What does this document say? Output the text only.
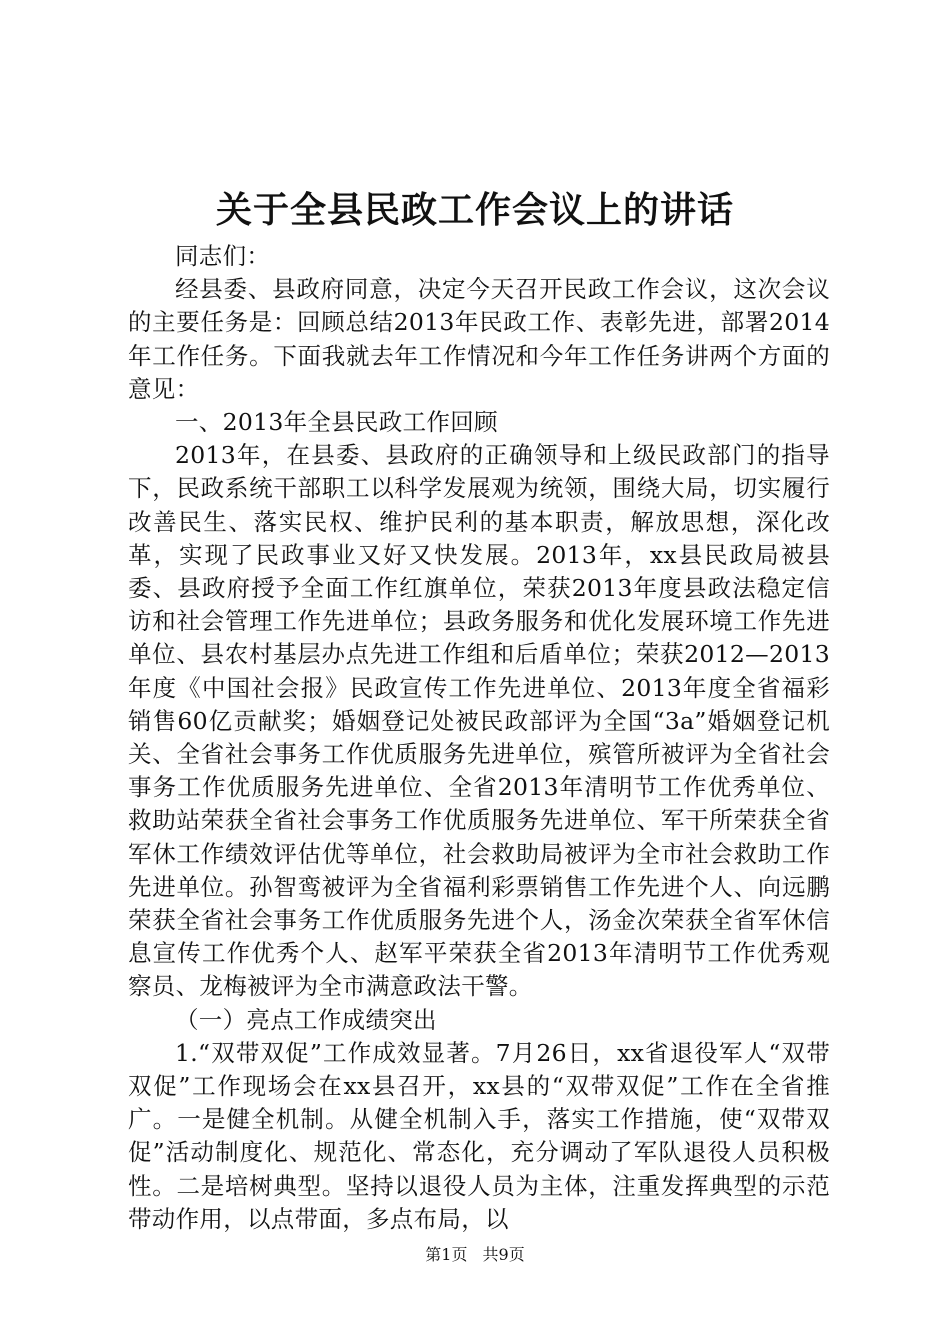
关于全县民政工作会议上的讲话

同志们：

经县委、县政府同意，决定今天召开民政工作会议，这次会议的主要任务是：回顾总结2013年民政工作、表彰先进，部署2014年工作任务。下面我就去年工作情况和今年工作任务讲两个方面的意见：

一、2013年全县民政工作回顾

2013年，在县委、县政府的正确领导和上级民政部门的指导下，民政系统干部职工以科学发展观为统领，围绕大局，切实履行改善民生、落实民权、维护民利的基本职责，解放思想，深化改革，实现了民政事业又好又快发展。2013年，xx县民政局被县委、县政府授予全面工作红旗单位，荣获2013年度县政法稳定信访和社会管理工作先进单位；县政务服务和优化发展环境工作先进单位、县农村基层办点先进工作组和后盾单位；荣获2012—2013年度《中国社会报》民政宣传工作先进单位、2013年度全省福彩销售60亿贡献奖；婚姻登记处被民政部评为全国“3a”婚姻登记机关、全省社会事务工作优质服务先进单位，殡管所被评为全省社会事务工作优质服务先进单位、全省2013年清明节工作优秀单位、救助站荣获全省社会事务工作优质服务先进单位、军干所荣获全省军休工作绩效评估优等单位，社会救助局被评为全市社会救助工作先进单位。孙智鸾被评为全省福利彩票销售工作先进个人、向远鹏荣获全省社会事务工作优质服务先进个人，汤金次荣获全省军休信息宣传工作优秀个人、赵军平荣获全省2013年清明节工作优秀观察员、龙梅被评为全市满意政法干警。

（一）亮点工作成绩突出

1.“双带双促”工作成效显著。7月26日，xx省退役军人“双带双促”工作现场会在xx县召开，xx县的“双带双促”工作在全省推广。一是健全机制。从健全机制入手，落实工作措施，使“双带双促”活动制度化、规范化、常态化，充分调动了军队退役人员积极性。二是培树典型。坚持以退役人员为主体，注重发挥典型的示范带动作用，以点带面，多点布局，以

第1页 共9页
